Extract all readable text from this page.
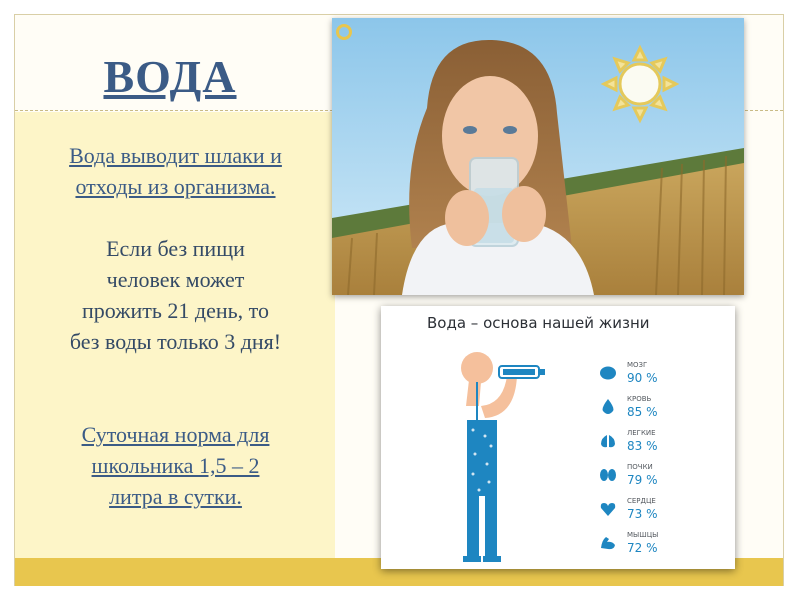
ВОДА

Вода выводит шлаки и

отходы из организма.

Если без пищи

человек может

прожить 21 день, то

без воды только 3 дня!

Суточная норма для

школьника 1,5 – 2

литра в сутки.

Вода – основа нашей жизни
МОЗГ
90 %
КРОВЬ
85 %
ЛЕГКИЕ
83 %
ПОЧКИ
79 %
СЕРДЦЕ
73 %
МЫШЦЫ
72 %
